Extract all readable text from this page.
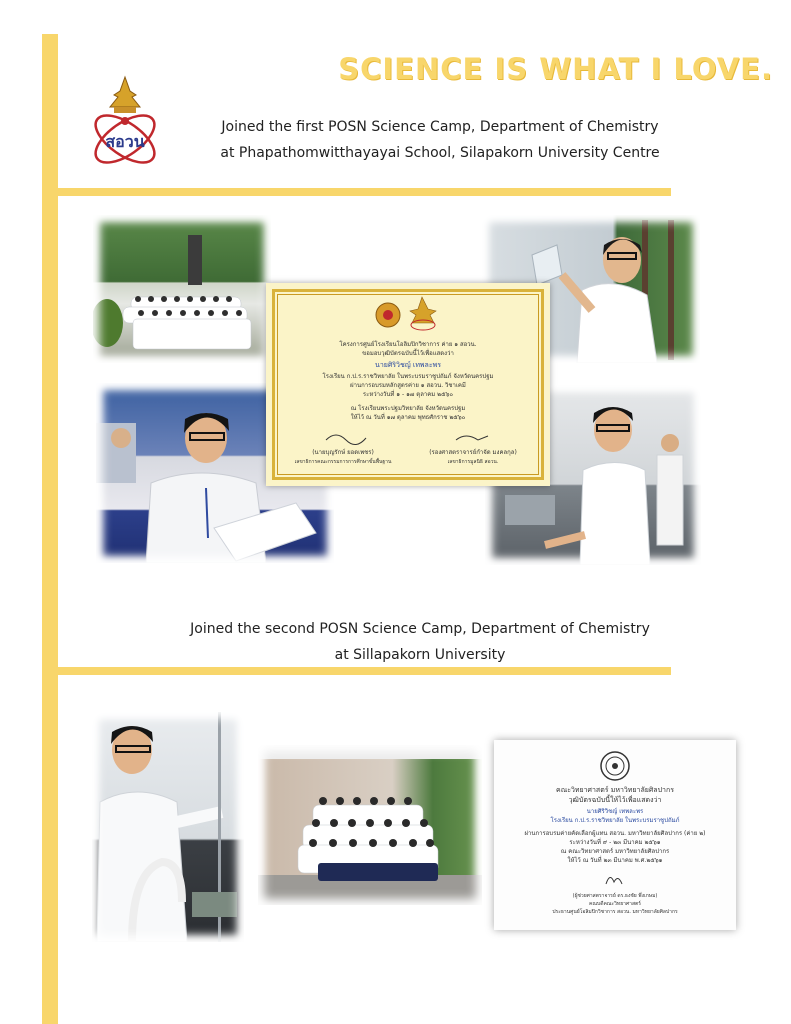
SCIENCE IS WHAT I LOVE.
สอวน
Joined the first POSN Science Camp, Department of Chemistry
at Phapathomwitthayayai School, Silapakorn University Centre
โครงการศูนย์โรงเรียนโอลิมปิกวิชาการ ค่าย ๑ สอวน.
ขอมอบวุฒิบัตรฉบับนี้ไว้เพื่อแสดงว่า
นายศิริวิชญ์ เทพละพร
โรงเรียน ก.ป.ร.ราชวิทยาลัย ในพระบรมราชูปถัมภ์ จังหวัดนครปฐม
ผ่านการอบรมหลักสูตรค่าย ๑ สอวน. วิชาเคมี
ระหว่างวันที่ ๑ - ๑๗ ตุลาคม ๒๕๖๐
ณ โรงเรียนพระปฐมวิทยาลัย จังหวัดนครปฐม
ให้ไว้ ณ วันที่ ๑๗ ตุลาคม พุทธศักราช ๒๕๖๐
(นายบุญรักษ์ ยอดเพชร)
เลขาธิการคณะกรรมการการศึกษาขั้นพื้นฐาน
(รองศาสตราจารย์กำจัด มงคลกุล)
เลขาธิการมูลนิธิ สอวน.
Joined the second POSN Science Camp, Department of Chemistry
at Sillapakorn University
คณะวิทยาศาสตร์ มหาวิทยาลัยศิลปากร
วุฒิบัตรฉบับนี้ให้ไว้เพื่อแสดงว่า
นายศิริวิชญ์ เทพละพร
โรงเรียน ก.ป.ร.ราชวิทยาลัย ในพระบรมราชูปถัมภ์
ผ่านการอบรมค่ายคัดเลือกผู้แทน สอวน. มหาวิทยาลัยศิลปากร (ค่าย ๒)
ระหว่างวันที่ ๙ - ๒๓ มีนาคม ๒๕๖๑
ณ คณะวิทยาศาสตร์ มหาวิทยาลัยศิลปากร
ให้ไว้ ณ วันที่ ๒๓ มีนาคม พ.ศ.๒๕๖๑
(ผู้ช่วยศาสตราจารย์ ดร.ธงชัย พึ่งเกษม)
คณบดีคณะวิทยาศาสตร์
ประธานศูนย์โอลิมปิกวิชาการ สอวน. มหาวิทยาลัยศิลปากร
